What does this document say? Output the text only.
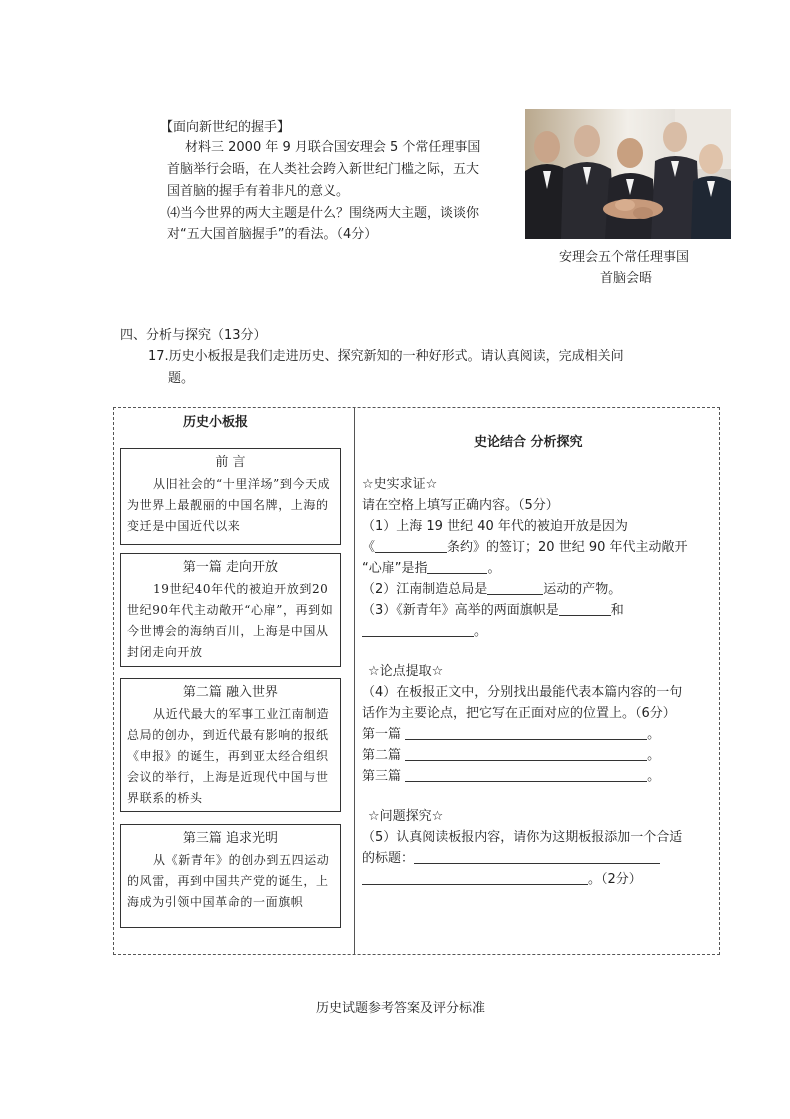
【面向新世纪的握手】
材料三 2000 年 9 月联合国安理会 5 个常任理事国
首脑举行会晤，在人类社会跨入新世纪门槛之际，五大
国首脑的握手有着非凡的意义。
⑷当今世界的两大主题是什么？围绕两大主题，谈谈你
对“五大国首脑握手”的看法。（4分）
安理会五个常任理事国
首脑会晤
四、分析与探究（13分）
17.历史小板报是我们走进历史、探究新知的一种好形式。请认真阅读，完成相关问
题。
历史小板报
前 言
从旧社会的“十里洋场”到今天成为世界上最靓丽的中国名牌，上海的变迁是中国近代以来
第一篇 走向开放
19世纪40年代的被迫开放到20世纪90年代主动敞开“心扉”，再到如今世博会的海纳百川，上海是中国从封闭走向开放
第二篇 融入世界
从近代最大的军事工业江南制造总局的创办，到近代最有影响的报纸《申报》的诞生，再到亚太经合组织会议的举行，上海是近现代中国与世界联系的桥头
第三篇 追求光明
从《新青年》的创办到五四运动的风雷，再到中国共产党的诞生，上海成为引领中国革命的一面旗帜
史论结合 分析探究
☆史实求证☆
请在空格上填写正确内容。（5分）
（1）上海 19 世纪 40 年代的被迫开放是因为
《	条约》的签订；20 世纪 90 年代主动敞开
“心扉”是指	。
（2）江南制造总局是	运动的产物。
（3）《新青年》高举的两面旗帜是	和
。
☆论点提取☆
（4）在板报正文中，分别找出最能代表本篇内容的一句
话作为主要论点，把它写在正面对应的位置上。（6分）
第一篇	。
第二篇	。
第三篇	。
☆问题探究☆
（5）认真阅读板报内容，请你为这期板报添加一个合适
的标题：
。（2分）
历史试题参考答案及评分标准
